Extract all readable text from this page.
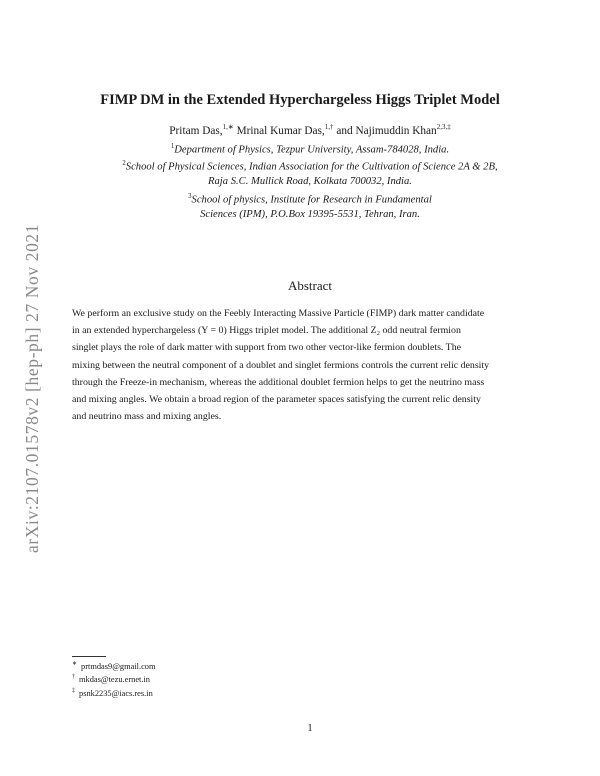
arXiv:2107.01578v2 [hep-ph] 27 Nov 2021
FIMP DM in the Extended Hyperchargeless Higgs Triplet Model
Pritam Das,$^{1,∗}$ Mrinal Kumar Das,$^{1,\dagger}$ and Najimuddin Khan$^{2,3,\ddagger}$
$^1$Department of Physics, Tezpur University, Assam-784028, India.
$^2$School of Physical Sciences, Indian Association for the Cultivation of Science 2A & 2B,
Raja S.C. Mullick Road, Kolkata 700032, India.
$^3$School of physics, Institute for Research in Fundamental
Sciences (IPM), P.O.Box 19395-5531, Tehran, Iran.
Abstract
We perform an exclusive study on the Feebly Interacting Massive Particle (FIMP) dark matter candidate
in an extended hyperchargeless (Y = 0) Higgs triplet model. The additional Z₂ odd neutral fermion
singlet plays the role of dark matter with support from two other vector-like fermion doublets. The
mixing between the neutral component of a doublet and singlet fermions controls the current relic density
through the Freeze-in mechanism, whereas the additional doublet fermion helps to get the neutrino mass
and mixing angles. We obtain a broad region of the parameter spaces satisfying the current relic density
and neutrino mass and mixing angles.
∗ prtmdas9@gmail.com
† mkdas@tezu.ernet.in
‡ psnk2235@iacs.res.in
1
